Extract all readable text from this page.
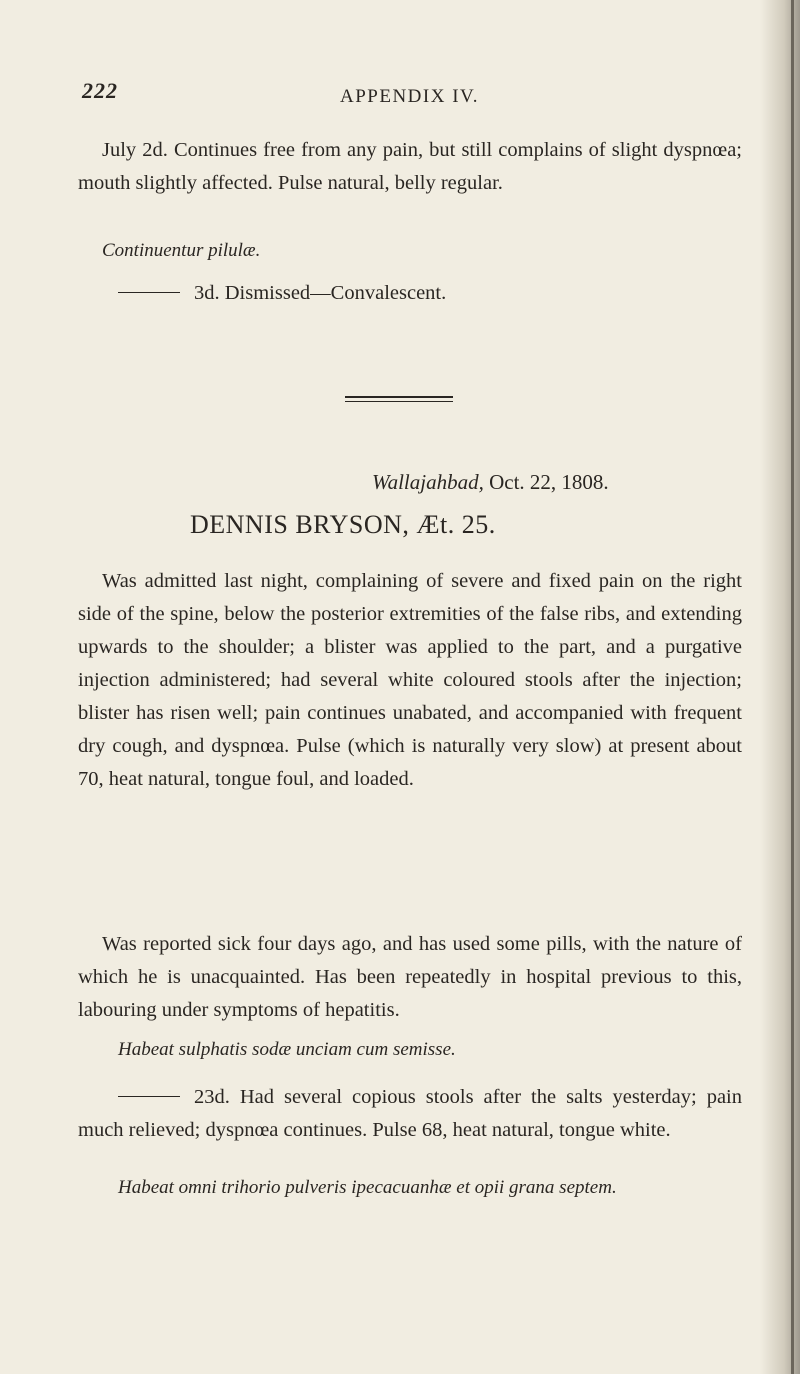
222	APPENDIX IV.

July 2d. Continues free from any pain, but still complains of slight dyspnœa; mouth slightly affected. Pulse natural, belly regular.

Continuentur pilulæ.
3d. Dismissed—Convalescent.
Wallajahbad, Oct. 22, 1808.
DENNIS BRYSON, Æt. 25.

Was admitted last night, complaining of severe and fixed pain on the right side of the spine, below the posterior extremities of the false ribs, and extending upwards to the shoulder; a blister was applied to the part, and a purgative injection administered; had several white coloured stools after the injection; blister has risen well; pain continues unabated, and accompanied with frequent dry cough, and dyspnœa. Pulse (which is naturally very slow) at present about 70, heat natural, tongue foul, and loaded.

Was reported sick four days ago, and has used some pills, with the nature of which he is unacquainted. Has been repeatedly in hospital previous to this, labouring under symptoms of hepatitis.

Habeat sulphatis sodæ unciam cum semisse.

23d. Had several copious stools after the salts yesterday; pain much relieved; dyspnœa continues. Pulse 68, heat natural, tongue white.

Habeat omni trihorio pulveris ipecacuanhæ et opii grana septem.
